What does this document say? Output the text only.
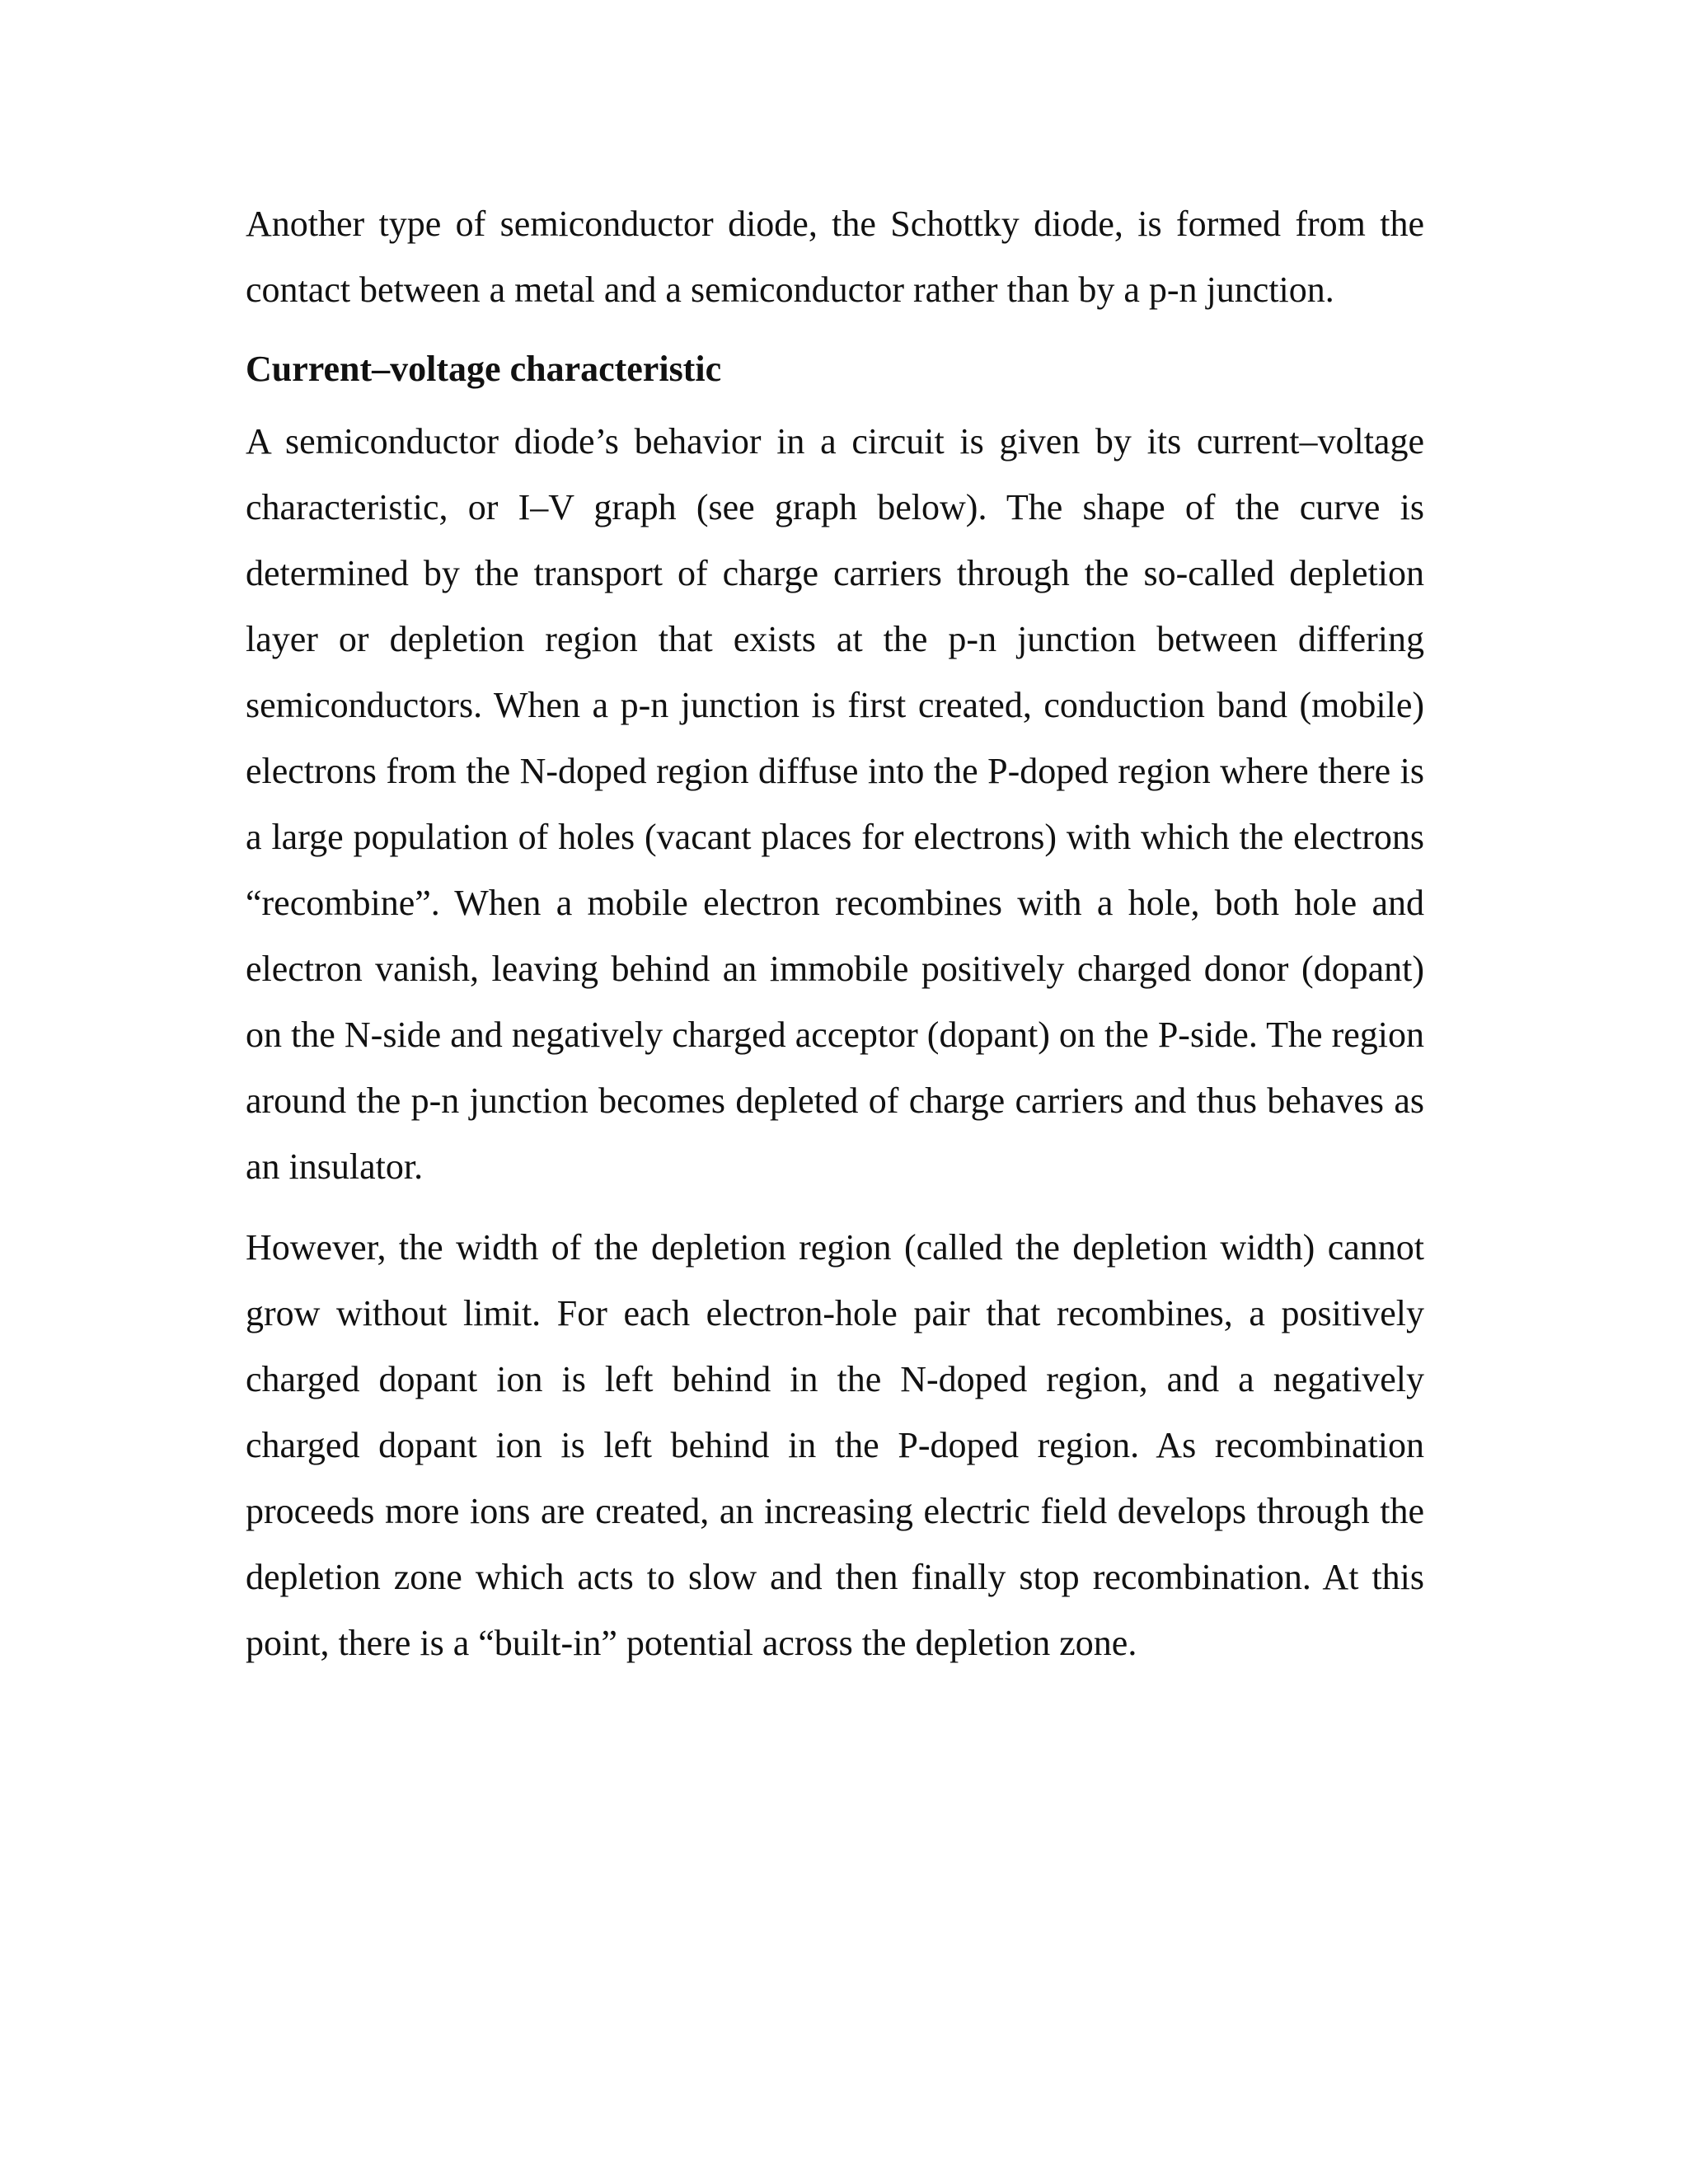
Another type of semiconductor diode, the Schottky diode, is formed from the contact between a metal and a semiconductor rather than by a p-n junction.

Current–voltage characteristic

A semiconductor diode’s behavior in a circuit is given by its current–voltage characteristic, or I–V graph (see graph below). The shape of the curve is determined by the transport of charge carriers through the so-called depletion layer or depletion region that exists at the p-n junction between differing semiconductors. When a p-n junction is first created, conduction band (mobile) electrons from the N-doped region diffuse into the P-doped region where there is a large population of holes (vacant places for electrons) with which the electrons “recombine”. When a mobile electron recombines with a hole, both hole and electron vanish, leaving behind an immobile positively charged donor (dopant) on the N-side and negatively charged acceptor (dopant) on the P-side. The region around the p-n junction becomes depleted of charge carriers and thus behaves as an insulator.

However, the width of the depletion region (called the depletion width) cannot grow without limit. For each electron-hole pair that recombines, a positively charged dopant ion is left behind in the N-doped region, and a negatively charged dopant ion is left behind in the P-doped region. As recombination proceeds more ions are created, an increasing electric field develops through the depletion zone which acts to slow and then finally stop recombination. At this point, there is a “built-in” potential across the depletion zone.
